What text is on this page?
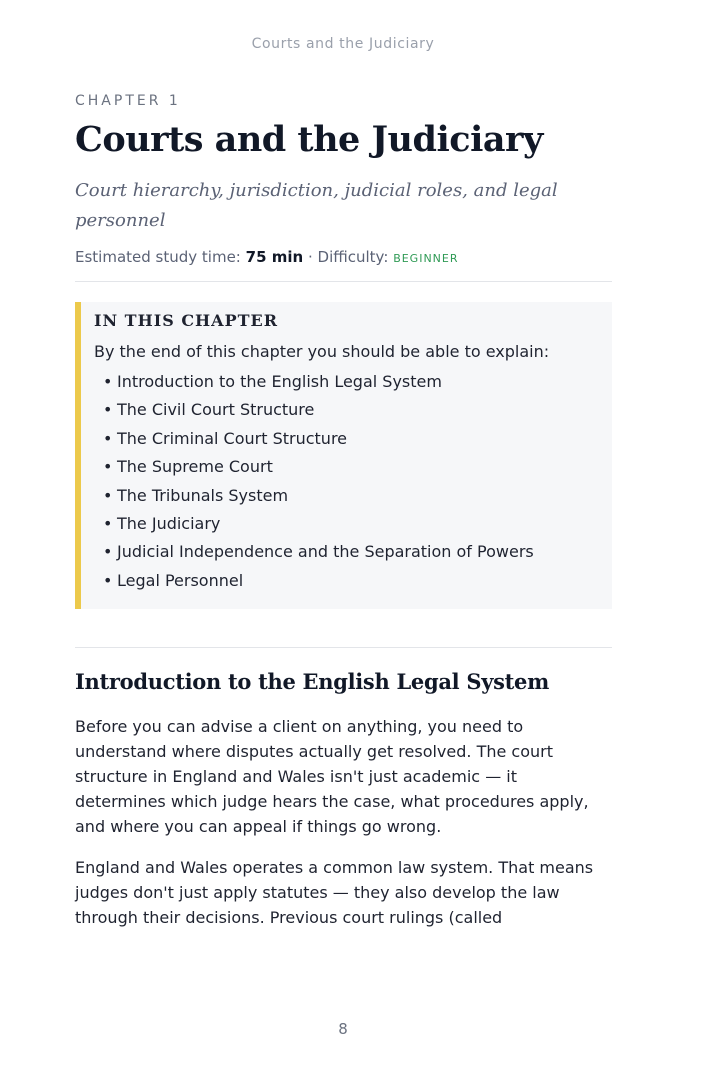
Courts and the Judiciary
CHAPTER 1
Courts and the Judiciary
Court hierarchy, jurisdiction, judicial roles, and legal personnel
Estimated study time: 75 min · Difficulty: BEGINNER
IN THIS CHAPTER
By the end of this chapter you should be able to explain:
• Introduction to the English Legal System
• The Civil Court Structure
• The Criminal Court Structure
• The Supreme Court
• The Tribunals System
• The Judiciary
• Judicial Independence and the Separation of Powers
• Legal Personnel
Introduction to the English Legal System

Before you can advise a client on anything, you need to understand where disputes actually get resolved. The court structure in England and Wales isn't just academic — it determines which judge hears the case, what procedures apply, and where you can appeal if things go wrong.

England and Wales operates a common law system. That means judges don't just apply statutes — they also develop the law through their decisions. Previous court rulings (called

8
